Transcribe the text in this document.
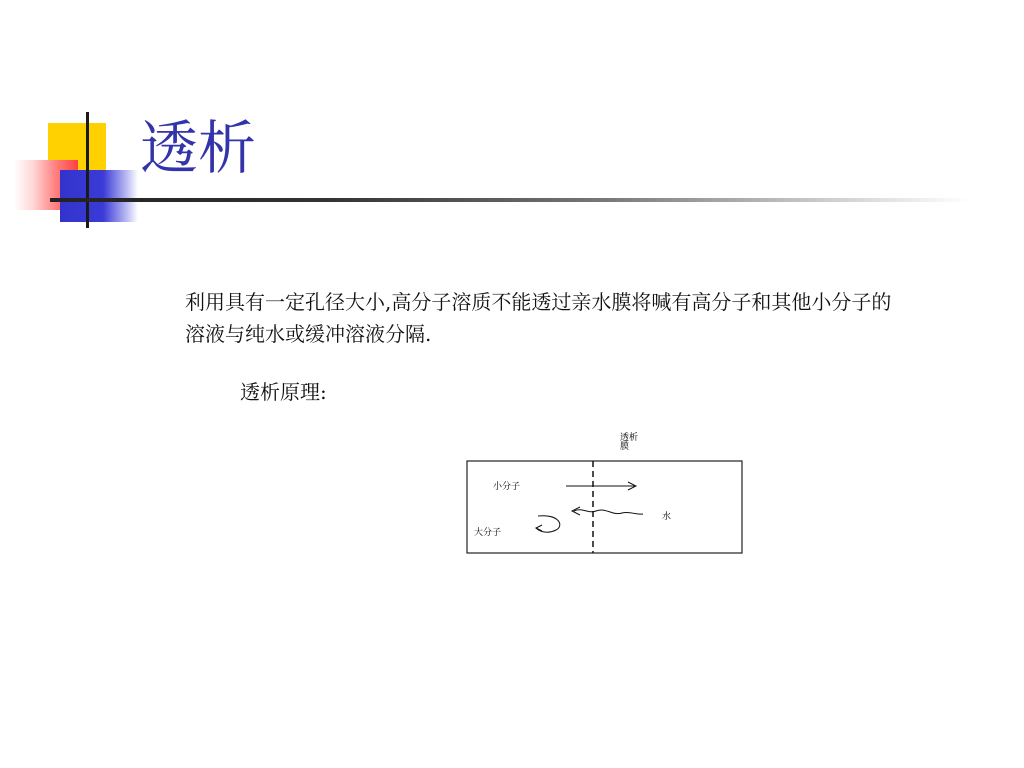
透析

利用具有一定孔径大小,高分子溶质不能透过亲水膜将喊有高分子和其他小分子的溶液与纯水或缓冲溶液分隔.

透析原理:
透析
膜
小分子
水
大分子
